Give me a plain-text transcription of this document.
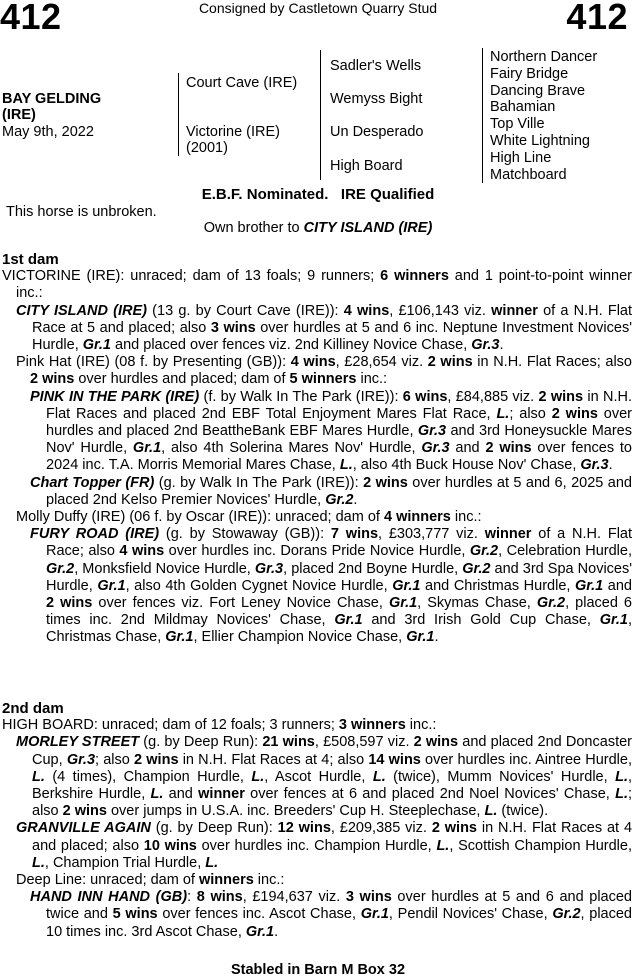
412	412
Consigned by Castletown Quarry Stud
BAY GELDING
(IRE)
May 9th, 2022
Court Cave (IRE)
Victorine (IRE)
(2001)
Sadler's Wells
Wemyss Bight
Un Desperado
High Board
Northern Dancer
Fairy Bridge
Dancing Brave
Bahamian
Top Ville
White Lightning
High Line
Matchboard
E.B.F. Nominated.   IRE Qualified
This horse is unbroken.
Own brother to CITY ISLAND (IRE)
1st dam

VICTORINE (IRE): unraced; dam of 13 foals; 9 runners; 6 winners and 1 point-to-point winner inc.:

CITY ISLAND (IRE) (13 g. by Court Cave (IRE)): 4 wins, £106,143 viz. winner of a N.H. Flat Race at 5 and placed; also 3 wins over hurdles at 5 and 6 inc. Neptune Investment Novices' Hurdle, Gr.1 and placed over fences viz. 2nd Killiney Novice Chase, Gr.3.

Pink Hat (IRE) (08 f. by Presenting (GB)): 4 wins, £28,654 viz. 2 wins in N.H. Flat Races; also 2 wins over hurdles and placed; dam of 5 winners inc.:

PINK IN THE PARK (IRE) (f. by Walk In The Park (IRE)): 6 wins, £84,885 viz. 2 wins in N.H. Flat Races and placed 2nd EBF Total Enjoyment Mares Flat Race, L.; also 2 wins over hurdles and placed 2nd BeattheBank EBF Mares Hurdle, Gr.3 and 3rd Honeysuckle Mares Nov' Hurdle, Gr.1, also 4th Solerina Mares Nov' Hurdle, Gr.3 and 2 wins over fences to 2024 inc. T.A. Morris Memorial Mares Chase, L., also 4th Buck House Nov' Chase, Gr.3.

Chart Topper (FR) (g. by Walk In The Park (IRE)): 2 wins over hurdles at 5 and 6, 2025 and placed 2nd Kelso Premier Novices' Hurdle, Gr.2.

Molly Duffy (IRE) (06 f. by Oscar (IRE)): unraced; dam of 4 winners inc.:

FURY ROAD (IRE) (g. by Stowaway (GB)): 7 wins, £303,777 viz. winner of a N.H. Flat Race; also 4 wins over hurdles inc. Dorans Pride Novice Hurdle, Gr.2, Celebration Hurdle, Gr.2, Monksfield Novice Hurdle, Gr.3, placed 2nd Boyne Hurdle, Gr.2 and 3rd Spa Novices' Hurdle, Gr.1, also 4th Golden Cygnet Novice Hurdle, Gr.1 and Christmas Hurdle, Gr.1 and 2 wins over fences viz. Fort Leney Novice Chase, Gr.1, Skymas Chase, Gr.2, placed 6 times inc. 2nd Mildmay Novices' Chase, Gr.1 and 3rd Irish Gold Cup Chase, Gr.1, Christmas Chase, Gr.1, Ellier Champion Novice Chase, Gr.1.

2nd dam

HIGH BOARD: unraced; dam of 12 foals; 3 runners; 3 winners inc.:

MORLEY STREET (g. by Deep Run): 21 wins, £508,597 viz. 2 wins and placed 2nd Doncaster Cup, Gr.3; also 2 wins in N.H. Flat Races at 4; also 14 wins over hurdles inc. Aintree Hurdle, L. (4 times), Champion Hurdle, L., Ascot Hurdle, L. (twice), Mumm Novices' Hurdle, L., Berkshire Hurdle, L. and winner over fences at 6 and placed 2nd Noel Novices' Chase, L.; also 2 wins over jumps in U.S.A. inc. Breeders' Cup H. Steeplechase, L. (twice).

GRANVILLE AGAIN (g. by Deep Run): 12 wins, £209,385 viz. 2 wins in N.H. Flat Races at 4 and placed; also 10 wins over hurdles inc. Champion Hurdle, L., Scottish Champion Hurdle, L., Champion Trial Hurdle, L.

Deep Line: unraced; dam of winners inc.:

HAND INN HAND (GB): 8 wins, £194,637 viz. 3 wins over hurdles at 5 and 6 and placed twice and 5 wins over fences inc. Ascot Chase, Gr.1, Pendil Novices' Chase, Gr.2, placed 10 times inc. 3rd Ascot Chase, Gr.1.

Stabled in Barn M Box 32
